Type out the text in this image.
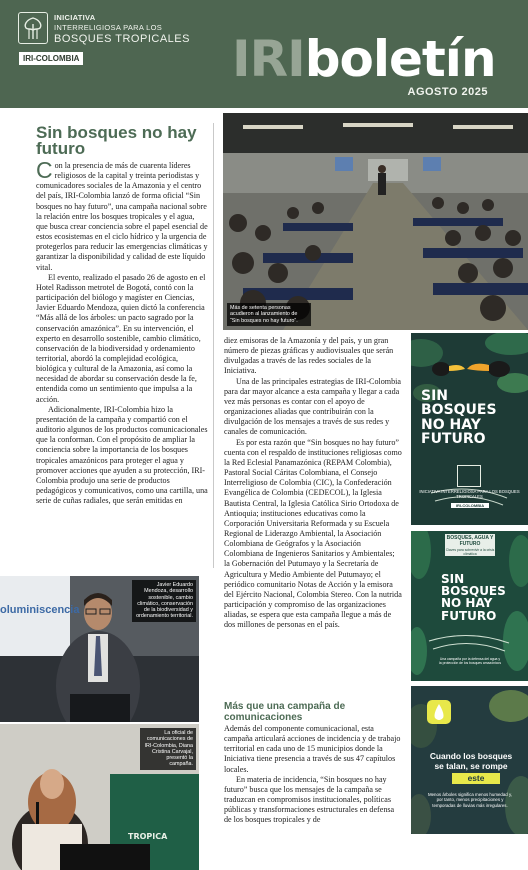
INICIATIVA
INTERRELIGIOSA PARA LOS
BOSQUES TROPICALES
IRI-COLOMBIA	IRIboletín
AGOSTO 2025
Sin bosques no hay futuro

Con la presencia de más de cuarenta líderes religiosos de la capital y treinta periodistas y comunicadores sociales de la Amazonia y el centro del país, IRI-Colombia lanzó de forma oficial “Sin bosques no hay futuro”, una campaña nacional sobre la relación entre los bosques tropicales y el agua, que busca crear conciencia sobre el papel esencial de estos ecosistemas en el ciclo hídrico y la urgencia de protegerlos para reducir las emergencias climáticas y garantizar la disponibilidad y calidad de este líquido vital.

El evento, realizado el pasado 26 de agosto en el Hotel Radisson metrotel de Bogotá, contó con la participación del biólogo y magíster en Ciencias, Javier Eduardo Mendoza, quien dictó la conferencia “Más allá de los árboles: un pacto sagrado por la conservación amazónica”. En su intervención, el experto en desarrollo sostenible, cambio climático, conservación de la biodiversidad y ordenamiento territorial, abordó la complejidad ecológica, biológica y cultural de la Amazonia, así como la necesidad de abordar su conservación desde la fe, entendida como un sentimiento que impulsa a la acción.

Adicionalmente, IRI-Colombia hizo la presentación de la campaña y compartió con el auditorio algunos de los productos comunicacionales que la conforman. Con el propósito de ampliar la conciencia sobre la importancia de los bosques tropicales amazónicos para proteger el agua y promover acciones que ayuden a su protección, IRI-Colombia produjo una serie de productos pedagógicos y comunicativos, como una cartilla, una serie de cuñas radiales, que serán emitidas en

Más de setenta personas acudieron al lanzamiento de “Sin bosques no hay futuro”.

diez emisoras de la Amazonía y del país, y un gran número de piezas gráficas y audiovisuales que serán divulgadas a través de las redes sociales de la Iniciativa.

Una de las principales estrategias de IRI-Colombia para dar mayor alcance a esta campaña y llegar a cada vez más personas es contar con el apoyo de organizaciones aliadas que contribuirán con la divulgación de los mensajes a través de sus redes y canales de comunicación.

Es por esta razón que “Sin bosques no hay futuro” cuenta con el respaldo de instituciones religiosas como la Red Eclesial Panamazónica (REPAM Colombia), Pastoral Social Cáritas Colombiana, el Consejo Interreligioso de Colombia (CIC), la Confederación Evangélica de Colombia (CEDECOL), la Iglesia Bautista Central, la Iglesia Católica Sirio Ortodoxa de Antioquia; instituciones educativas como la Corporación Universitaria Reformada y su Escuela Regional de Liderazgo Ambiental, la Asociación Colombiana de Geógrafos y la Asociación Colombiana de Ingenieros Sanitarios y Ambientales; la Gobernación del Putumayo y la Secretaría de Agricultura y Medio Ambiente del Putumayo; el periódico comunitario Notas de Acción y la emisora del Ejército Nacional, Colombia Stereo. Con la nutrida participación y compromiso de las organizaciones aliadas, se espera que esta campaña llegue a más de dos millones de personas en el país.

Más que una campaña de comunicaciones

Además del componente comunicacional, esta campaña articulará acciones de incidencia y de trabajo territorial en cada uno de 15 municipios donde la Iniciativa tiene presencia a través de sus 47 capítulos locales.

En materia de incidencia, “Sin bosques no hay futuro” busca que los mensajes de la campaña se traduzcan en compromisos institucionales, políticas públicas y transformaciones estructurales en defensa de los bosques tropicales y de

oluminiscencia
Javier Eduardo Mendoza, desarrollo sostenible, cambio climático, conservación de la biodiversidad y ordenamiento territorial.
TROPICA
La oficial de comunicaciones de IRI-Colombia, Diana Cristina Carvajal, presentó la campaña.
SIN
BOSQUES
NO HAY
FUTURO
INICIATIVA INTERRELIGIOSA PARA LOS BOSQUES TROPICALES
IRI-COLOMBIA
BOSQUES, AGUA Y FUTURO
Claves para sobrevivir a la crisis climática
SIN
BOSQUES
NO HAY
FUTURO
Una campaña por la defensa del agua y la protección de los bosques amazónicos
Cuando los bosques
se talan, se rompe
este equilibrio.
Menos árboles significa menos humedad y, por tanto, menos precipitaciones y temporadas de lluvias más irregulares.
